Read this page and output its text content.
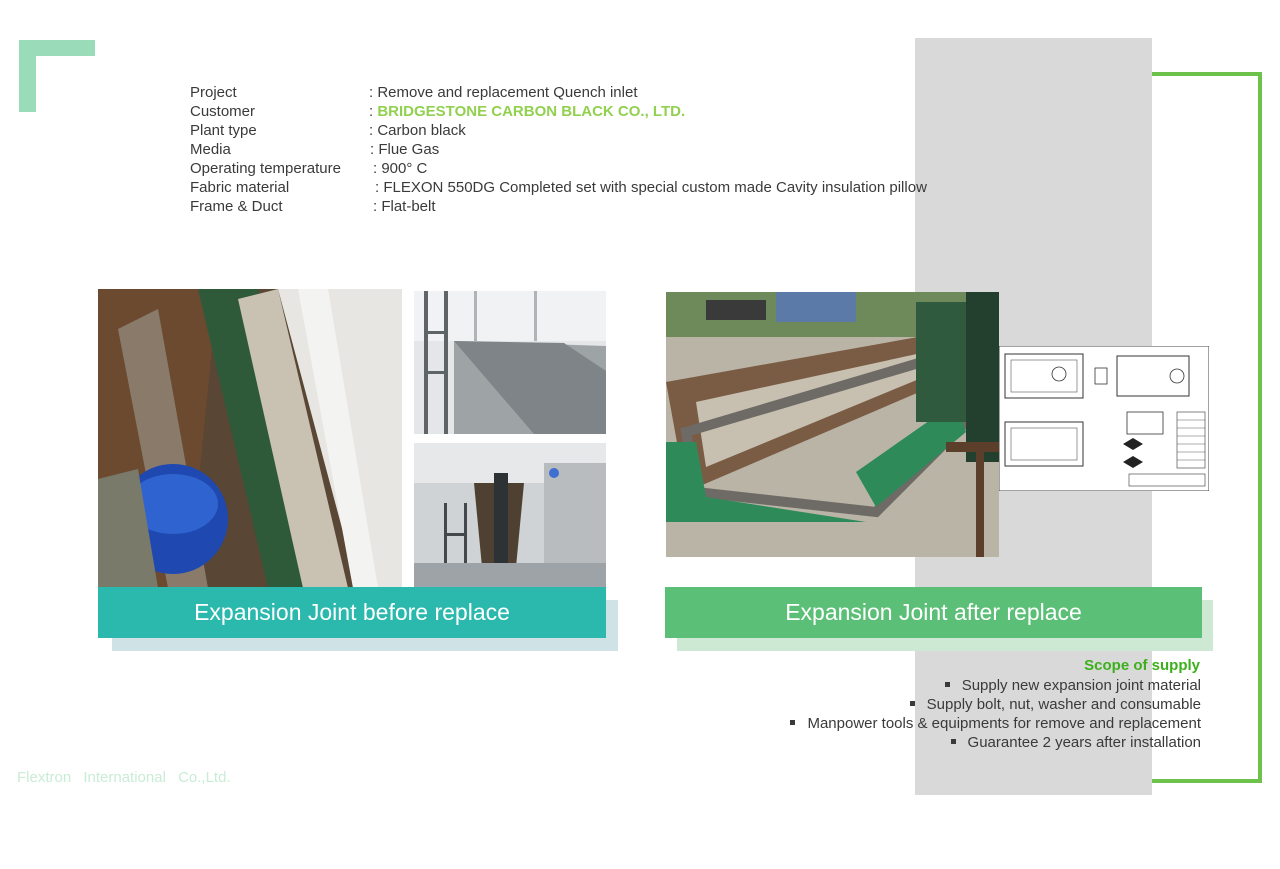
Project	: Remove and replacement Quench inlet
Customer	: BRIDGESTONE CARBON BLACK CO., LTD.
Plant type	: Carbon black
Media	: Flue Gas
Operating temperature : 900° C
Fabric material	: FLEXON 550DG Completed set with special custom made Cavity insulation pillow
Frame & Duct	: Flat-belt
Expansion Joint before replace	Expansion Joint after replace
Scope of supply
Supply new expansion joint material
Supply bolt, nut, washer and consumable
Manpower tools & equipments for remove and replacement
Guarantee 2 years after installation
Flextron International Co.,Ltd.
